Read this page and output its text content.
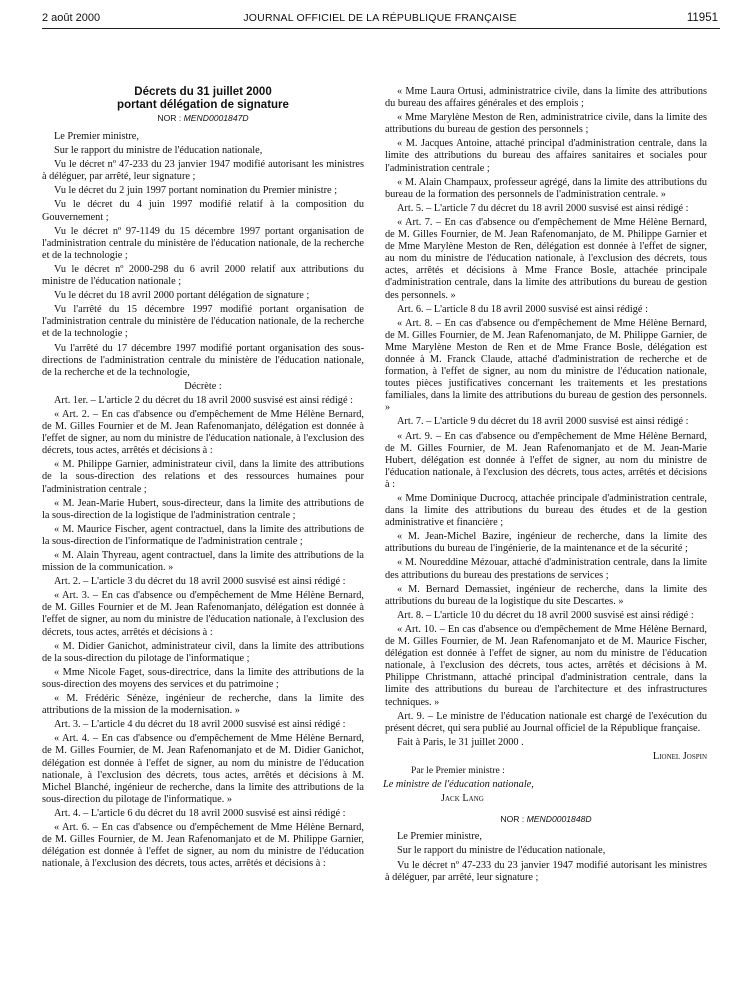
2 août 2000	JOURNAL OFFICIEL DE LA RÉPUBLIQUE FRANÇAISE	11951
Décrets du 31 juillet 2000
portant délégation de signature
NOR : MEND0001847D

Le Premier ministre,

Sur le rapport du ministre de l'éducation nationale,

Vu le décret nº 47-233 du 23 janvier 1947 modifié autorisant les ministres à déléguer, par arrêté, leur signature ;

Vu le décret du 2 juin 1997 portant nomination du Premier ministre ;

Vu le décret du 4 juin 1997 modifié relatif à la composition du Gouvernement ;

Vu le décret nº 97-1149 du 15 décembre 1997 portant organisation de l'administration centrale du ministère de l'éducation nationale, de la recherche et de la technologie ;

Vu le décret nº 2000-298 du 6 avril 2000 relatif aux attributions du ministre de l'éducation nationale ;

Vu le décret du 18 avril 2000 portant délégation de signature ;

Vu l'arrêté du 15 décembre 1997 modifié portant organisation de l'administration centrale du ministère de l'éducation nationale, de la recherche et de la technologie ;

Vu l'arrêté du 17 décembre 1997 modifié portant organisation des sous-directions de l'administration centrale du ministère de l'éducation nationale, de la recherche et de la technologie,

Décrète :

Art. 1er. – L'article 2 du décret du 18 avril 2000 susvisé est ainsi rédigé :

« Art. 2. – En cas d'absence ou d'empêchement de Mme Hélène Bernard, de M. Gilles Fournier et de M. Jean Rafenomanjato, délégation est donnée à l'effet de signer, au nom du ministre de l'éducation nationale, à l'exclusion des décrets, tous actes, arrêtés et décisions à :

« M. Philippe Garnier, administrateur civil, dans la limite des attributions de la sous-direction des relations et des ressources humaines pour l'administration centrale ;

« M. Jean-Marie Hubert, sous-directeur, dans la limite des attributions de la sous-direction de la logistique de l'administration centrale ;

« M. Maurice Fischer, agent contractuel, dans la limite des attributions de la sous-direction de l'informatique de l'administration centrale ;

« M. Alain Thyreau, agent contractuel, dans la limite des attributions de la mission de la communication. »

Art. 2. – L'article 3 du décret du 18 avril 2000 susvisé est ainsi rédigé :

« Art. 3. – En cas d'absence ou d'empêchement de Mme Hélène Bernard, de M. Gilles Fournier et de M. Jean Rafenomanjato, délégation est donnée à l'effet de signer, au nom du ministre de l'éducation nationale, à l'exclusion des décrets, tous actes, arrêtés et décisions à :

« M. Didier Ganichot, administrateur civil, dans la limite des attributions de la sous-direction du pilotage de l'informatique ;

« Mme Nicole Faget, sous-directrice, dans la limite des attributions de la sous-direction des moyens des services et du patrimoine ;

« M. Frédéric Sénèze, ingénieur de recherche, dans la limite des attributions de la mission de la modernisation. »

Art. 3. – L'article 4 du décret du 18 avril 2000 susvisé est ainsi rédigé :

« Art. 4. – En cas d'absence ou d'empêchement de Mme Hélène Bernard, de M. Gilles Fournier, de M. Jean Rafenomanjato et de M. Didier Ganichot, délégation est donnée à l'effet de signer, au nom du ministre de l'éducation nationale, à l'exclusion des décrets, tous actes, arrêtés et décisions à M. Michel Blanché, ingénieur de recherche, dans la limite des attributions de la sous-direction du pilotage de l'informatique. »

Art. 4. – L'article 6 du décret du 18 avril 2000 susvisé est ainsi rédigé :

« Art. 6. – En cas d'absence ou d'empêchement de Mme Hélène Bernard, de M. Gilles Fournier, de M. Jean Rafenomanjato et de M. Philippe Garnier, délégation est donnée à l'effet de signer, au nom du ministre de l'éducation nationale, à l'exclusion des décrets, tous actes, arrêtés et décisions à :

« Mme Laura Ortusi, administratrice civile, dans la limite des attributions du bureau des affaires générales et des emplois ;

« Mme Marylène Meston de Ren, administratrice civile, dans la limite des attributions du bureau de gestion des personnels ;

« M. Jacques Antoine, attaché principal d'administration centrale, dans la limite des attributions du bureau des affaires sanitaires et sociales pour l'administration centrale ;

« M. Alain Champaux, professeur agrégé, dans la limite des attributions du bureau de la formation des personnels de l'administration centrale. »

Art. 5. – L'article 7 du décret du 18 avril 2000 susvisé est ainsi rédigé :

« Art. 7. – En cas d'absence ou d'empêchement de Mme Hélène Bernard, de M. Gilles Fournier, de M. Jean Rafenomanjato, de M. Philippe Garnier et de Mme Marylène Meston de Ren, délégation est donnée à l'effet de signer, au nom du ministre de l'éducation nationale, à l'exclusion des décrets, tous actes, arrêtés et décisions à Mme France Bosle, attachée principale d'administration centrale, dans la limite des attributions du bureau de gestion des personnels. »

Art. 6. – L'article 8 du 18 avril 2000 susvisé est ainsi rédigé :

« Art. 8. – En cas d'absence ou d'empêchement de Mme Hélène Bernard, de M. Gilles Fournier, de M. Jean Rafenomanjato, de M. Philippe Garnier, de Mme Marylène Meston de Ren et de Mme France Bosle, délégation est donnée à M. Franck Claude, attaché d'administration de recherche et de formation, à l'effet de signer, au nom du ministre de l'éducation nationale, toutes pièces justificatives concernant les traitements et les prestations familiales, dans la limite des attributions du bureau de gestion des personnels. »

Art. 7. – L'article 9 du décret du 18 avril 2000 susvisé est ainsi rédigé :

« Art. 9. – En cas d'absence ou d'empêchement de Mme Hélène Bernard, de M. Gilles Fournier, de M. Jean Rafenomanjato et de M. Jean-Marie Hubert, délégation est donnée à l'effet de signer, au nom du ministre de l'éducation nationale, à l'exclusion des décrets, tous actes, arrêtés et décisions à :

« Mme Dominique Ducrocq, attachée principale d'administration centrale, dans la limite des attributions du bureau des études et de la gestion administrative et financière ;

« M. Jean-Michel Bazire, ingénieur de recherche, dans la limite des attributions du bureau de l'ingénierie, de la maintenance et de la sécurité ;

« M. Noureddine Mézouar, attaché d'administration centrale, dans la limite des attributions du bureau des prestations de services ;

« M. Bernard Demassiet, ingénieur de recherche, dans la limite des attributions du bureau de la logistique du site Descartes. »

Art. 8. – L'article 10 du décret du 18 avril 2000 susvisé est ainsi rédigé :

« Art. 10. – En cas d'absence ou d'empêchement de Mme Hélène Bernard, de M. Gilles Fournier, de M. Jean Rafenomanjato et de M. Maurice Fischer, délégation est donnée à l'effet de signer, au nom du ministre de l'éducation nationale, à l'exclusion des décrets, tous actes, arrêtés et décisions à M. Philippe Christmann, attaché principal d'administration centrale, dans la limite des attributions du bureau de l'architecture et des infrastructures techniques. »

Art. 9. – Le ministre de l'éducation nationale est chargé de l'exécution du présent décret, qui sera publié au Journal officiel de la République française.

Fait à Paris, le 31 juillet 2000 .

Lionel Jospin

Par le Premier ministre :

Le ministre de l'éducation nationale,

Jack Lang

NOR : MEND0001848D

Le Premier ministre,

Sur le rapport du ministre de l'éducation nationale,

Vu le décret nº 47-233 du 23 janvier 1947 modifié autorisant les ministres à déléguer, par arrêté, leur signature ;
